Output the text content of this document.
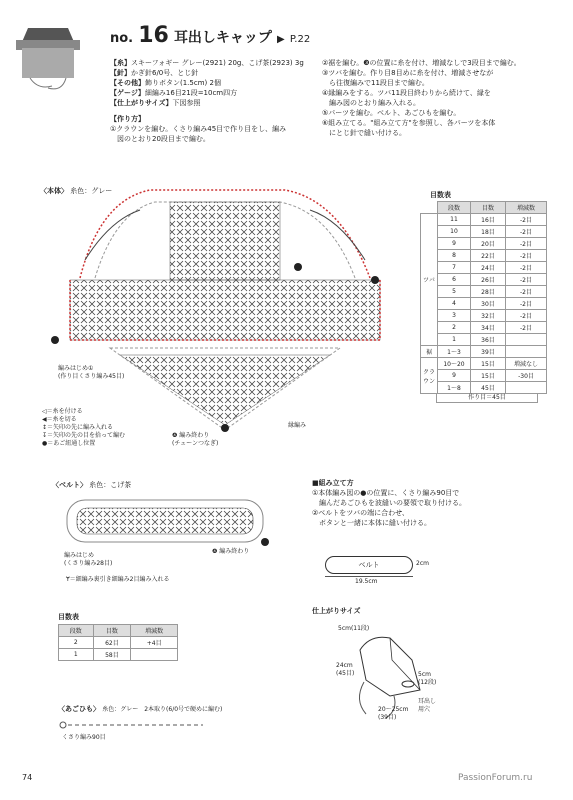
no. 16 耳出しキャップ ▶ P.22
【糸】スキーフォギー グレー(2921) 20g、こげ茶(2923) 3g
【針】かぎ針6/0号、とじ針
【その他】飾りボタン(1.5cm) 2個
【ゲージ】細編み16目21段=10cm四方
【仕上がりサイズ】下図参照
【作り方】
①クラウンを編む。くさり編み45目で作り目をし、編み
　図のとおり20段目まで編む。
②裾を編む。❸の位置に糸を付け、増減なしで3段目まで編む。
③ツバを編む。作り目8目めに糸を付け、増減させなが
　ら往復編みで11段目まで編む。
④縁編みをする。ツバ11段目終わりから続けて、縁を
　編み図のとおり編み入れる。
⑤パーツを編む。ベルト、あごひもを編む。
⑥組み立てる。"組み立て方"を参照し、各パーツを本体
　にとじ針で縫い付ける。
〈本体〉 糸色：グレー
編みはじめ①
(作り目くさり編み45目)
縁編み
❹ 編み終わり
(チェーンつなぎ)
◁＝糸を付ける
◀＝糸を切る
↕＝矢印の先に編み入れる
↧＝矢印の先の目を拾って編む
●＝あご紐通し位置
目数表
	段数	目数	増減数
ツバ	11	16目	-2目
	10	18目	-2目
	9	20目	-2目
	8	22目	-2目
	7	24目	-2目
	6	26目	-2目
	5	28目	-2目
	4	30目	-2目
	3	32目	-2目
	2	34目	-2目
	1	36目	
裾	1〜3	39目	
クラウン	10〜20	15目	増減なし
	9	15目	-30目
	1〜8	45目	
作り目＝45目
〈ベルト〉 糸色：こげ茶
編みはじめ
(くさり編み28目)
❹ 編み終わり
Ɏ＝細編み裏引き細編み2目編み入れる
目数表
段数	目数	増減数
2	62目	+4目
1	58目	
〈あごひも〉 糸色：グレー　2本取り(6/0号で硬めに編む)
くさり編み90目
■組み立て方
①本体編み図の●の位置に、くさり編み90目で
　編んだあごひもを波縫いの要領で取り付ける。
②ベルトをツバの端に合わせ、
　ボタンと一緒に本体に縫い付ける。
ベルト	2cm
19.5cm
仕上がりサイズ
5cm(11段)
24cm
(45目)	5cm
(12段)
耳出し
用穴
20〜25cm
(39目)
74	PassionForum.ru
